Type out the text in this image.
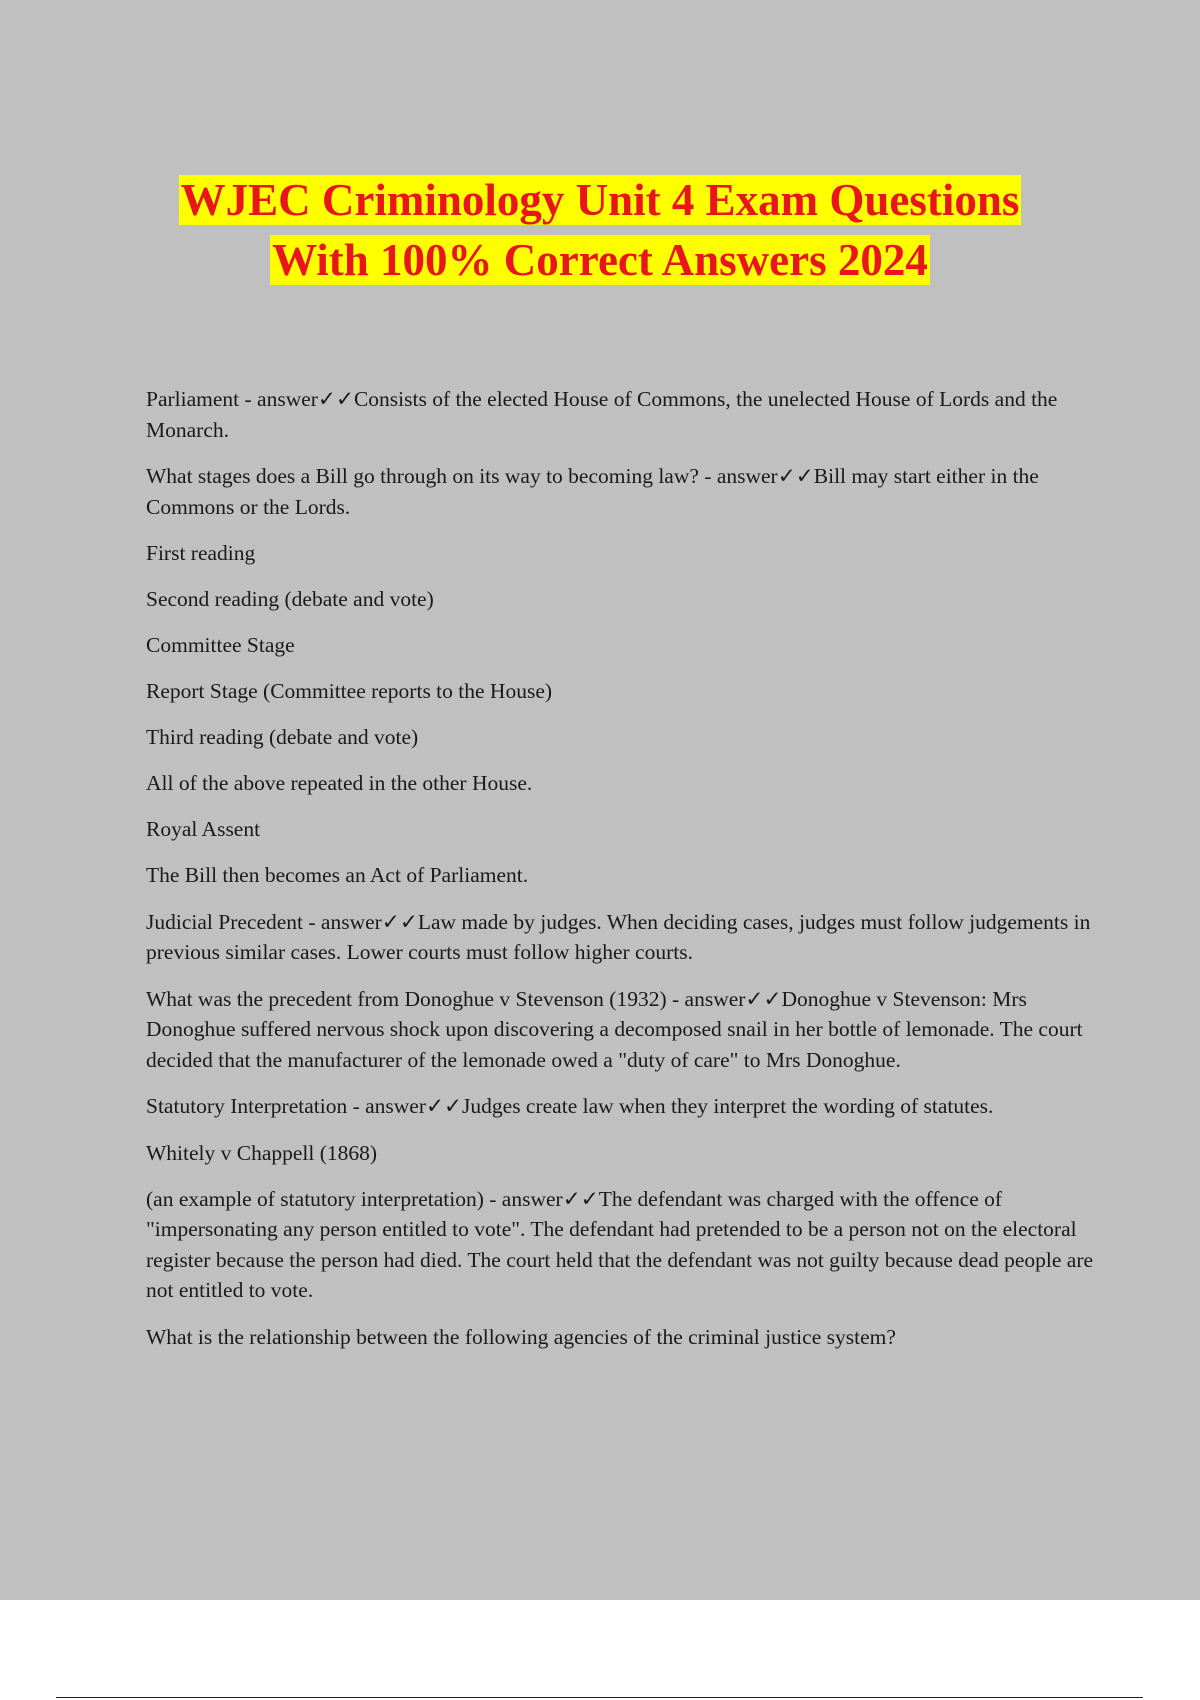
WJEC Criminology Unit 4 Exam Questions
With 100% Correct Answers 2024

Parliament - answer✓✓Consists of the elected House of Commons, the unelected House of Lords and the Monarch.

What stages does a Bill go through on its way to becoming law? - answer✓✓Bill may start either in the Commons or the Lords.

First reading

Second reading (debate and vote)

Committee Stage

Report Stage (Committee reports to the House)

Third reading (debate and vote)

All of the above repeated in the other House.

Royal Assent

The Bill then becomes an Act of Parliament.

Judicial Precedent - answer✓✓Law made by judges. When deciding cases, judges must follow judgements in previous similar cases. Lower courts must follow higher courts.

What was the precedent from Donoghue v Stevenson (1932) - answer✓✓Donoghue v Stevenson: Mrs Donoghue suffered nervous shock upon discovering a decomposed snail in her bottle of lemonade. The court decided that the manufacturer of the lemonade owed a "duty of care" to Mrs Donoghue.

Statutory Interpretation - answer✓✓Judges create law when they interpret the wording of statutes.

Whitely v Chappell (1868)

(an example of statutory interpretation) - answer✓✓The defendant was charged with the offence of "impersonating any person entitled to vote". The defendant had pretended to be a person not on the electoral register because the person had died. The court held that the defendant was not guilty because dead people are not entitled to vote.

What is the relationship between the following agencies of the criminal justice system?
